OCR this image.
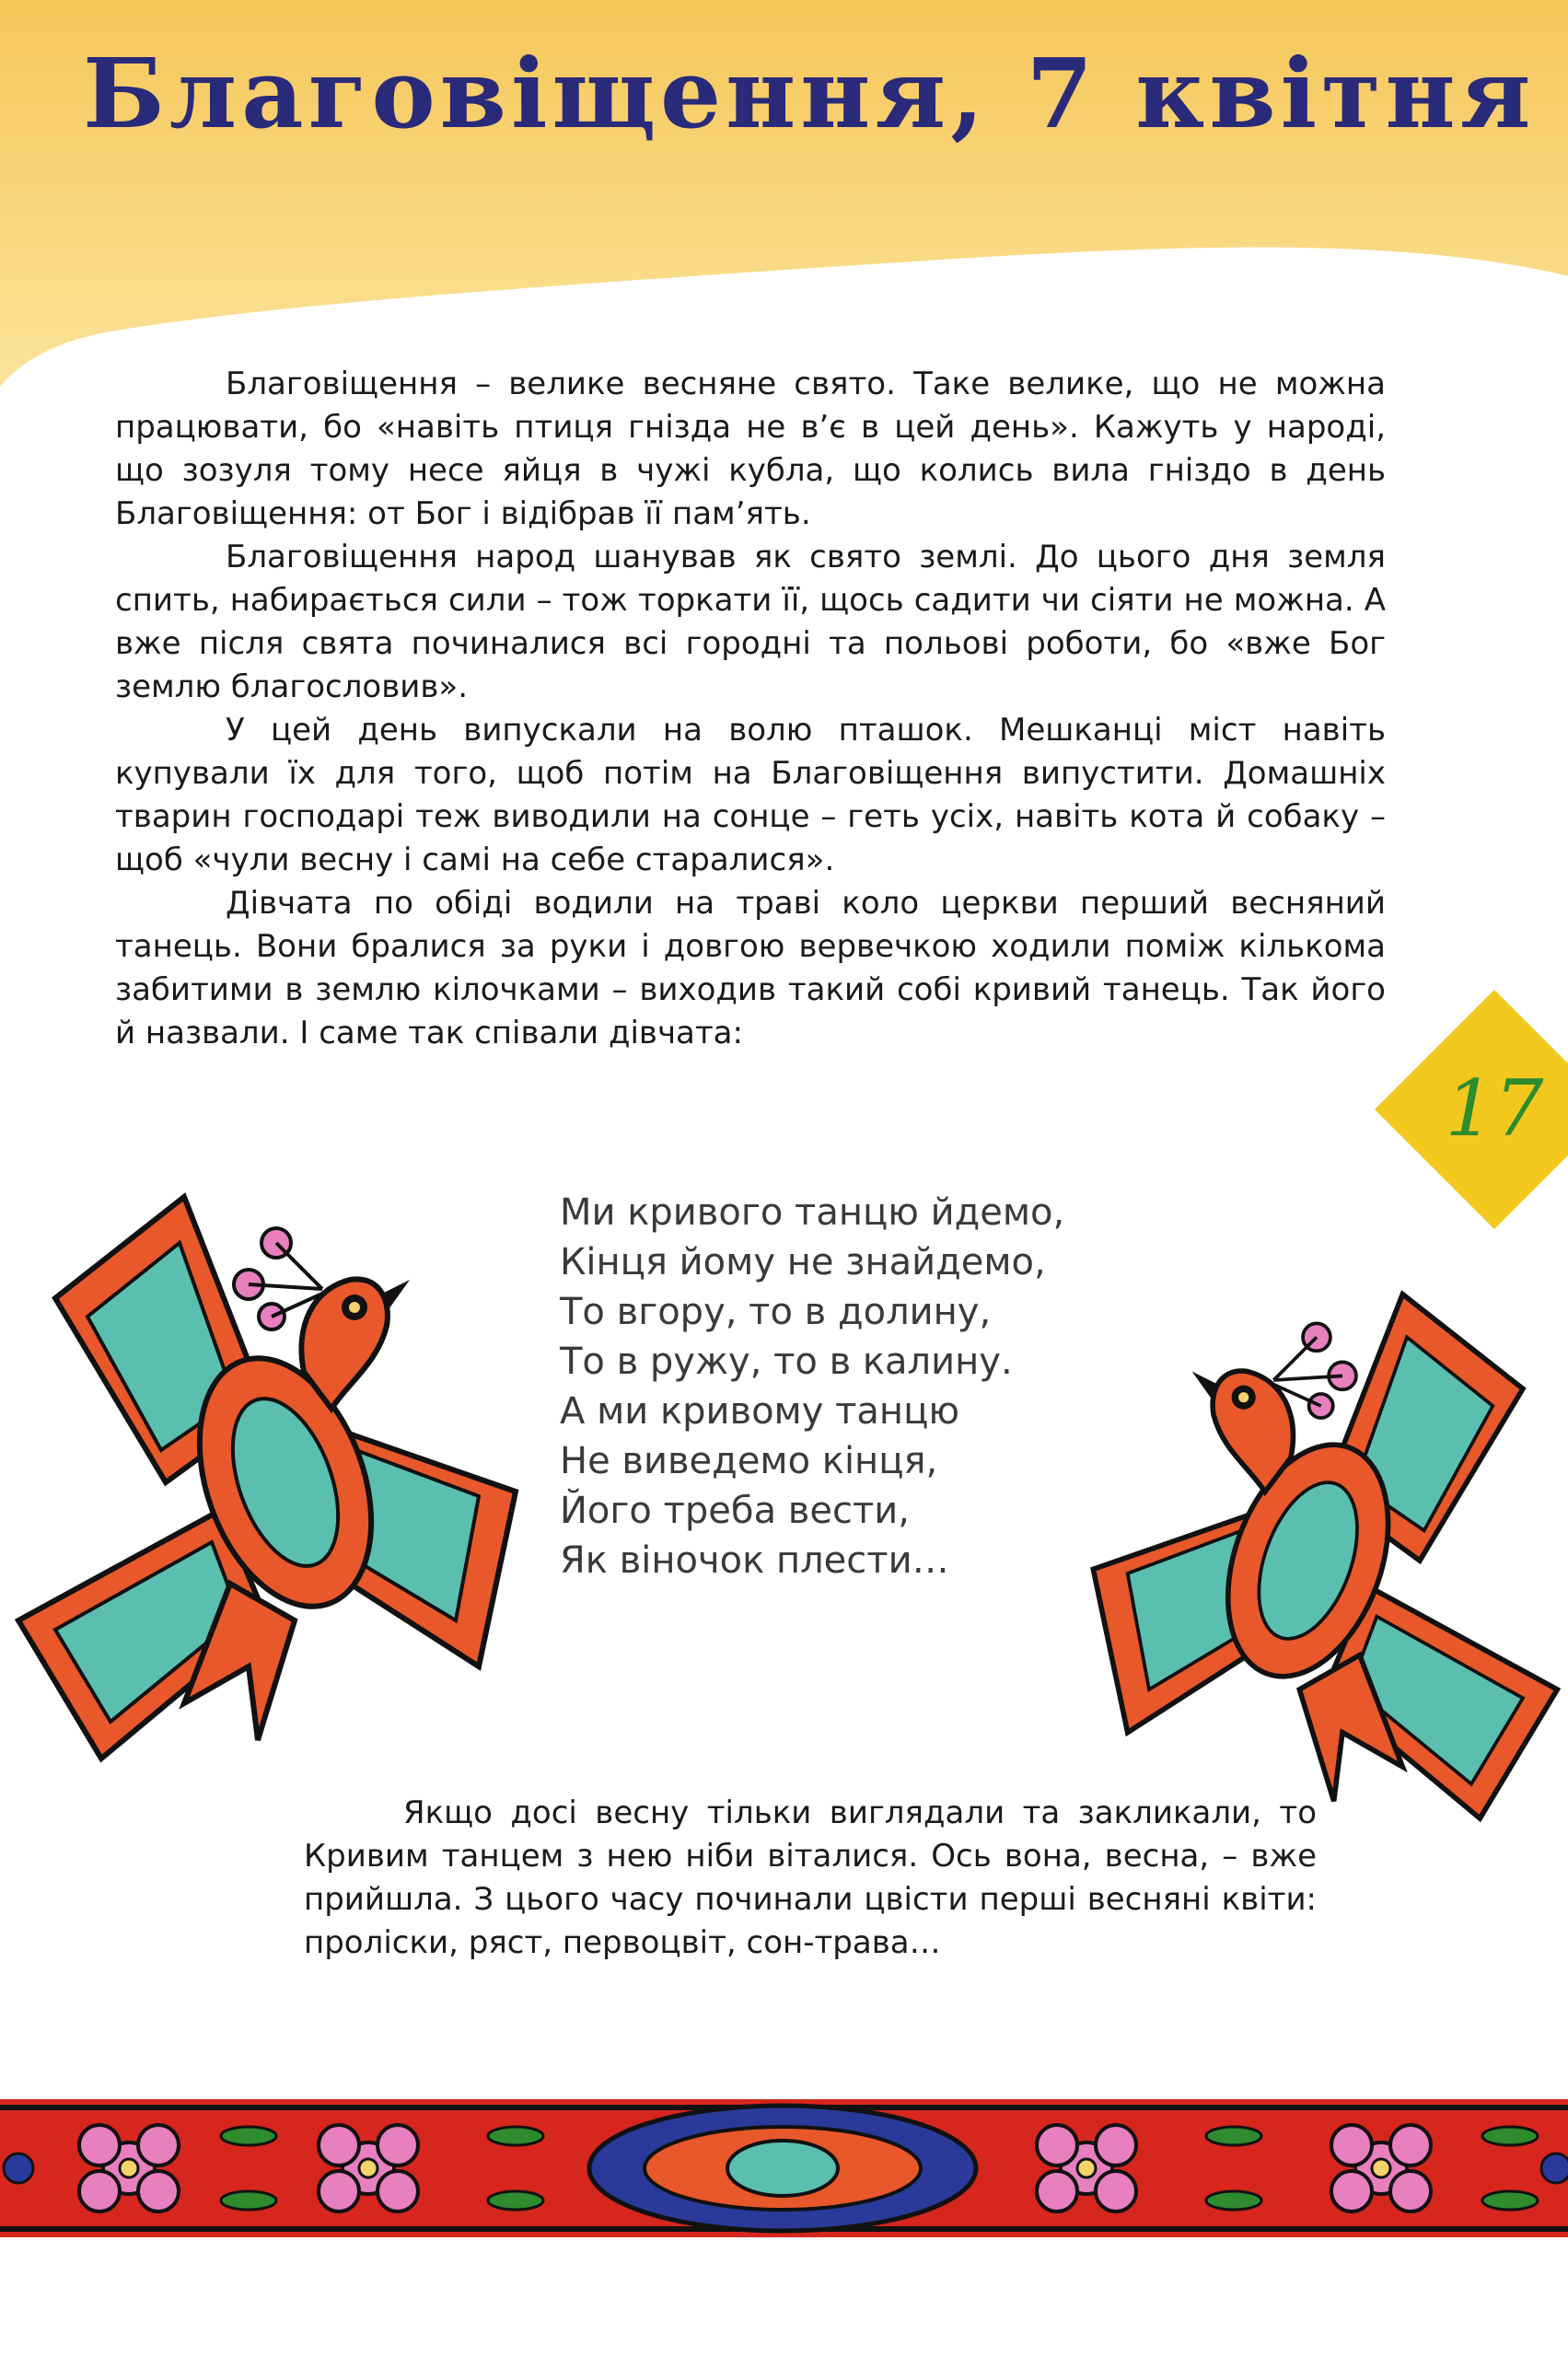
Благовіщення, 7 квітня

Благовіщення – велике весняне свято. Таке велике, що не можна працювати, бо «навіть птиця гнізда не в’є в цей день». Кажуть у народі, що зозуля тому несе яйця в чужі кубла, що колись вила гніздо в день Благовіщення: от Бог і відібрав її пам’ять.

Благовіщення народ шанував як свято землі. До цього дня земля спить, набирається сили – тож торкати її, щось садити чи сіяти не можна. А вже після свята починалися всі городні та польові роботи, бо «вже Бог землю благословив».

У цей день випускали на волю пташок. Мешканці міст навіть купували їх для того, щоб потім на Благовіщення випустити. Домашніх тварин господарі теж виводили на сонце – геть усіх, навіть кота й собаку – щоб «чули весну і самі на себе старалися».

Дівчата по обіді водили на траві коло церкви перший весняний танець. Вони бралися за руки і довгою вервечкою ходили поміж кількома забитими в землю кілочками – виходив такий собі кривий танець. Так його й назвали. І саме так співали дівчата:

17
Ми кривого танцю йдемо,
Кінця йому не знайдемо,
То вгору, то в долину,
То в ружу, то в калину.
А ми кривому танцю
Не виведемо кінця,
Його треба вести,
Як віночок плести…

Якщо досі весну тільки виглядали та закликали, то Кривим танцем з нею ніби віталися. Ось вона, весна, – вже прийшла. З цього часу починали цвісти перші весняні квіти: проліски, ряст, первоцвіт, сон-трава…
